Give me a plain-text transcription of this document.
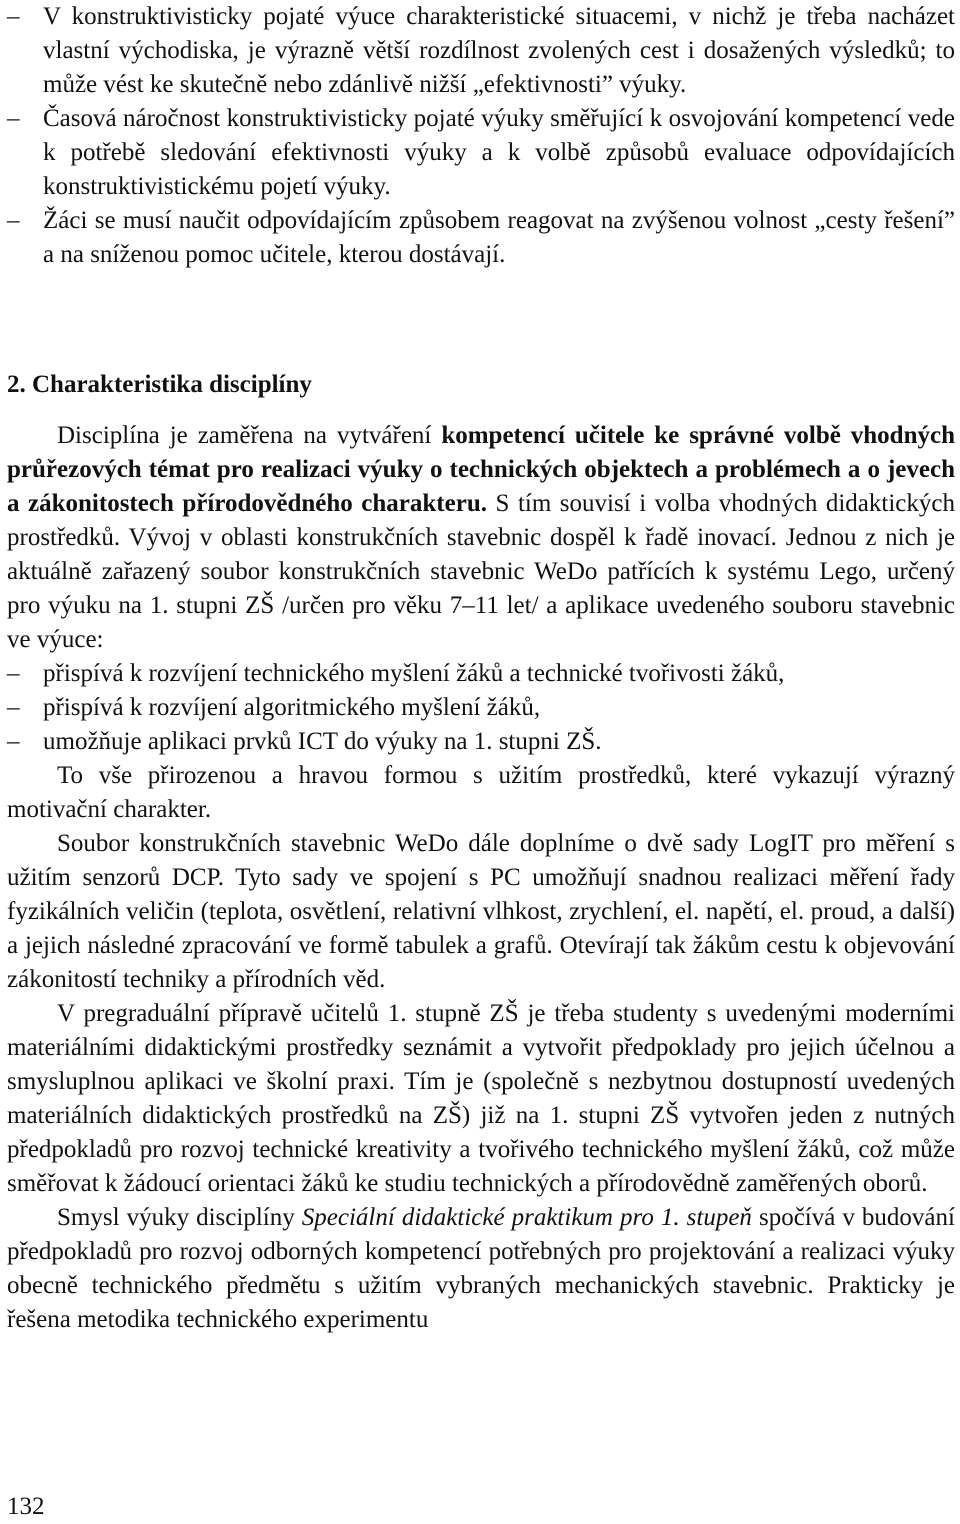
– V konstruktivisticky pojaté výuce charakteristické situacemi, v nichž je třeba nacházet vlastní východiska, je výrazně větší rozdílnost zvolených cest i dosažených výsledků; to může vést ke skutečně nebo zdánlivě nižší „efektivnosti” výuky.
– Časová náročnost konstruktivisticky pojaté výuky směřující k osvojování kompetencí vede k potřebě sledování efektivnosti výuky a k volbě způsobů evaluace odpovídajících konstruktivistickému pojetí výuky.
– Žáci se musí naučit odpovídajícím způsobem reagovat na zvýšenou volnost „cesty řešení” a na sníženou pomoc učitele, kterou dostávají.
2. Charakteristika disciplíny

Disciplína je zaměřena na vytváření kompetencí učitele ke správné volbě vhodných průřezových témat pro realizaci výuky o technických objektech a problémech a o jevech a zákonitostech přírodovědného charakteru. S tím souvisí i volba vhodných didaktických prostředků. Vývoj v oblasti konstrukčních stavebnic dospěl k řadě inovací. Jednou z nich je aktuálně zařazený soubor konstrukčních stavebnic WeDo patřících k systému Lego, určený pro výuku na 1. stupni ZŠ /určen pro věku 7–11 let/ a aplikace uvedeného souboru stavebnic ve výuce:

– přispívá k rozvíjení technického myšlení žáků a technické tvořivosti žáků,
– přispívá k rozvíjení algoritmického myšlení žáků,
– umožňuje aplikaci prvků ICT do výuky na 1. stupni ZŠ.

To vše přirozenou a hravou formou s užitím prostředků, které vykazují výrazný motivační charakter.

Soubor konstrukčních stavebnic WeDo dále doplníme o dvě sady LogIT pro měření s užitím senzorů DCP. Tyto sady ve spojení s PC umožňují snadnou realizaci měření řady fyzikálních veličin (teplota, osvětlení, relativní vlhkost, zrychlení, el. napětí, el. proud, a další) a jejich následné zpracování ve formě tabulek a grafů. Otevírají tak žákům cestu k objevování zákonitostí techniky a přírodních věd.

V pregraduální přípravě učitelů 1. stupně ZŠ je třeba studenty s uvedenými moderními materiálními didaktickými prostředky seznámit a vytvořit předpoklady pro jejich účelnou a smysluplnou aplikaci ve školní praxi. Tím je (společně s nezbytnou dostupností uvedených materiálních didaktických prostředků na ZŠ) již na 1. stupni ZŠ vytvořen jeden z nutných předpokladů pro rozvoj technické kreativity a tvořivého technického myšlení žáků, což může směřovat k žádoucí orientaci žáků ke studiu technických a přírodovědně zaměřených oborů.

Smysl výuky disciplíny Speciální didaktické praktikum pro 1. stupeň spočívá v budování předpokladů pro rozvoj odborných kompetencí potřebných pro projektování a realizaci výuky obecně technického předmětu s užitím vybraných mechanických stavebnic. Prakticky je řešena metodika technického experimentu

132
